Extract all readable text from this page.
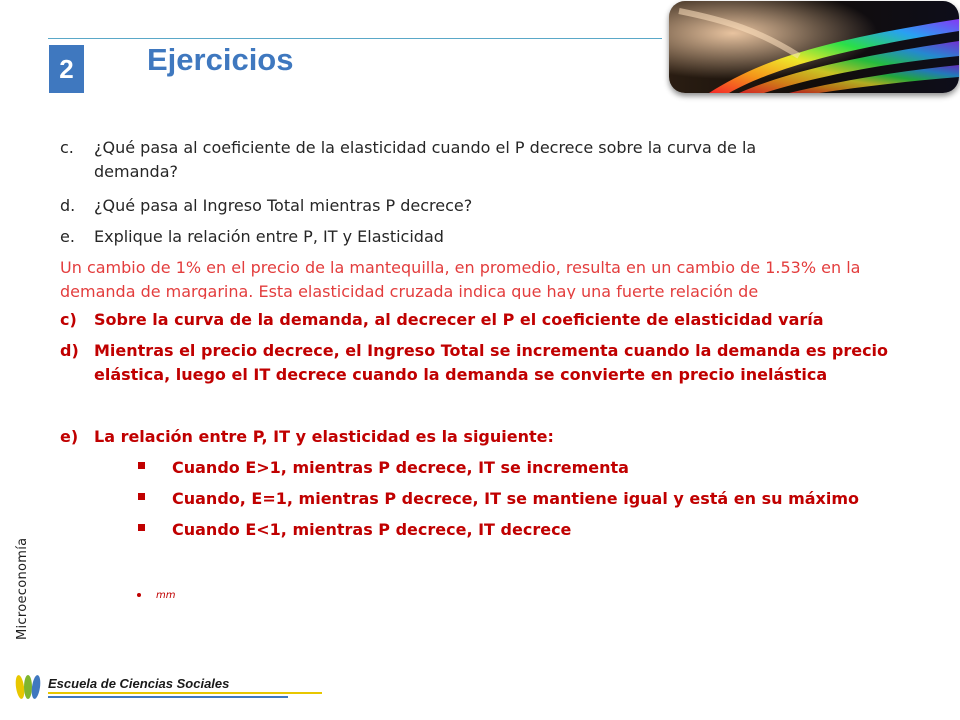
2	Ejercicios
c. ¿Qué pasa al coeficiente de la elasticidad cuando el P decrece sobre la curva de la demanda?
d. ¿Qué pasa al Ingreso Total mientras P decrece?
e. Explique la relación entre P, IT y Elasticidad
Un cambio de 1% en el precio de la mantequilla, en promedio, resulta en un cambio de 1.53% en la demanda de margarina. Esta elasticidad cruzada indica que hay una fuerte relación de
c) Sobre la curva de la demanda, al decrecer el P el coeficiente de elasticidad varía
d) Mientras el precio decrece, el Ingreso Total se incrementa cuando la demanda es precio elástica, luego el IT decrece cuando la demanda se convierte en precio inelástica
e) La relación entre P, IT y elasticidad es la siguiente:
Cuando E>1, mientras P decrece, IT se incrementa
Cuando, E=1, mientras P decrece, IT se mantiene igual y está en su máximo
Cuando E<1, mientras P decrece, IT decrece
mm
Microeconomía
Escuela de Ciencias Sociales
